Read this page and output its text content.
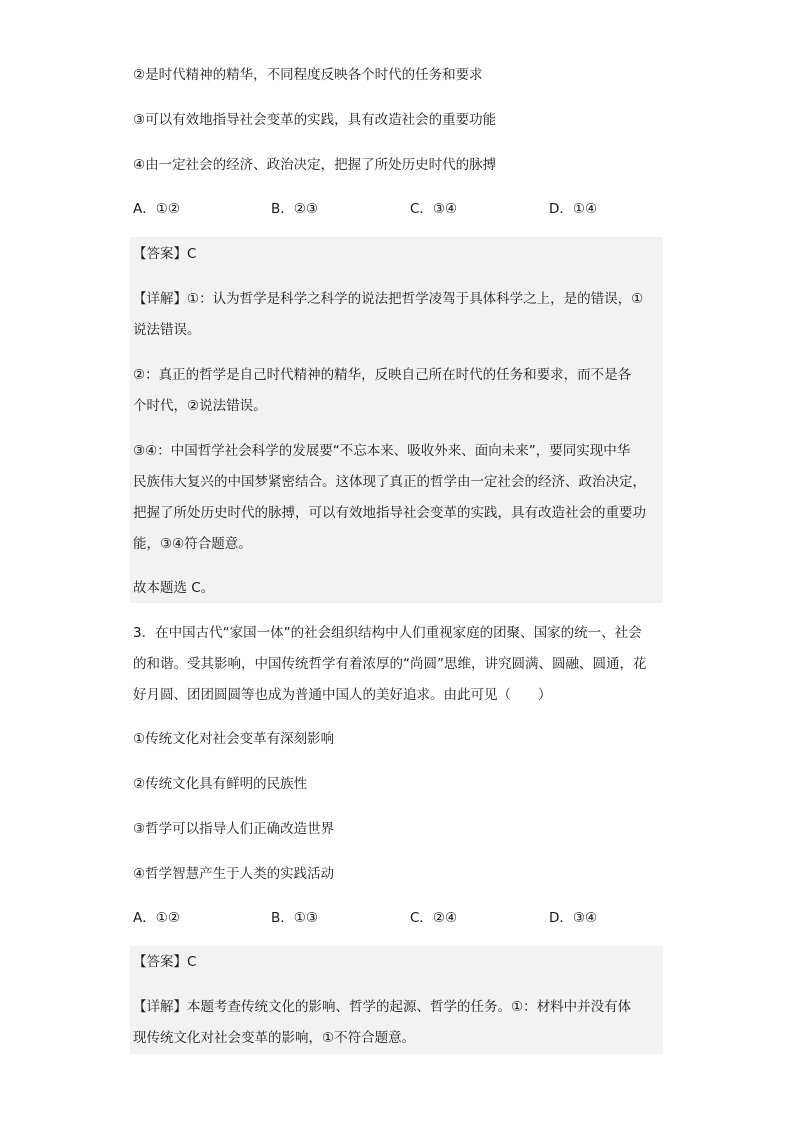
②是时代精神的精华，不同程度反映各个时代的任务和要求
③可以有效地指导社会变革的实践，具有改造社会的重要功能
④由一定社会的经济、政治决定，把握了所处历史时代的脉搏
A．①②	B．②③	C．③④	D．①④
【答案】C
【详解】①：认为哲学是科学之科学的说法把哲学凌驾于具体科学之上，是的错误，①
说法错误。
②：真正的哲学是自己时代精神的精华，反映自己所在时代的任务和要求，而不是各
个时代，②说法错误。
③④：中国哲学社会科学的发展要“不忘本来、吸收外来、面向未来”，要同实现中华
民族伟大复兴的中国梦紧密结合。这体现了真正的哲学由一定社会的经济、政治决定，
把握了所处历史时代的脉搏，可以有效地指导社会变革的实践，具有改造社会的重要功
能，③④符合题意。
故本题选 C。
3．在中国古代“家国一体”的社会组织结构中人们重视家庭的团聚、国家的统一、社会
的和谐。受其影响，中国传统哲学有着浓厚的“尚圆”思维，讲究圆满、圆融、圆通，花
好月圆、团团圆圆等也成为普通中国人的美好追求。由此可见（　　）
①传统文化对社会变革有深刻影响
②传统文化具有鲜明的民族性
③哲学可以指导人们正确改造世界
④哲学智慧产生于人类的实践活动
A．①②	B．①③	C．②④	D．③④
【答案】C
【详解】本题考查传统文化的影响、哲学的起源、哲学的任务。①：材料中并没有体
现传统文化对社会变革的影响，①不符合题意。
